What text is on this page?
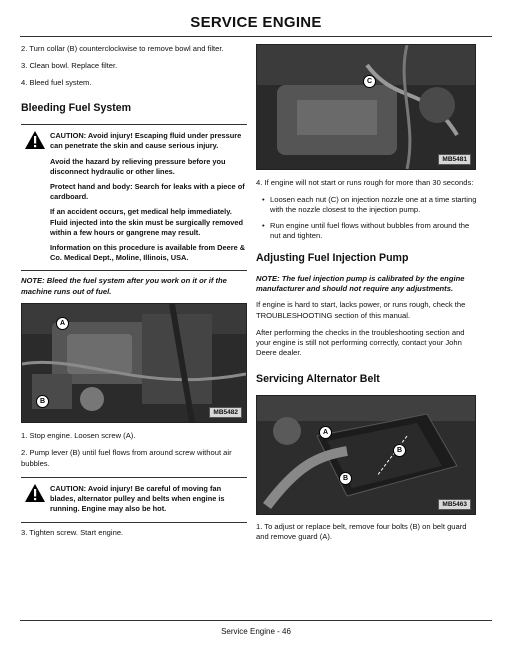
SERVICE ENGINE

2. Turn collar (B) counterclockwise to remove bowl and filter.

3. Clean bowl. Replace filter.

4. Bleed fuel system.

Bleeding Fuel System

CAUTION: Avoid injury! Escaping fluid under pressure can penetrate the skin and cause serious injury.

Avoid the hazard by relieving pressure before you disconnect hydraulic or other lines.

Protect hand and body: Search for leaks with a piece of cardboard.

If an accident occurs, get medical help immediately. Fluid injected into the skin must be surgically removed within a few hours or gangrene may result.

Information on this procedure is available from Deere & Co. Medical Dept., Moline, Illinois, USA.

NOTE: Bleed the fuel system after you work on it or if the machine runs out of fuel.

A
B
MB5482

1. Stop engine. Loosen screw (A).

2. Pump lever (B) until fuel flows from around screw without air bubbles.

CAUTION: Avoid injury! Be careful of moving fan blades, alternator pulley and belts when engine is running. Engine may also be hot.

3. Tighten screw. Start engine.

C
MB5481

4. If engine will not start or runs rough for more than 30 seconds:

• Loosen each nut (C) on injection nozzle one at a time starting with the nozzle closest to the injection pump.
• Run engine until fuel flows without bubbles from around the nut and tighten.
Adjusting Fuel Injection Pump

NOTE: The fuel injection pump is calibrated by the engine manufacturer and should not require any adjustments.

If engine is hard to start, lacks power, or runs rough, check the TROUBLESHOOTING section of this manual.

After performing the checks in the troubleshooting section and your engine is still not performing correctly, contact your John Deere dealer.

Servicing Alternator Belt
A
B
B
MB5463

1. To adjust or replace belt, remove four bolts (B) on belt guard and remove guard (A).

Service Engine - 46
